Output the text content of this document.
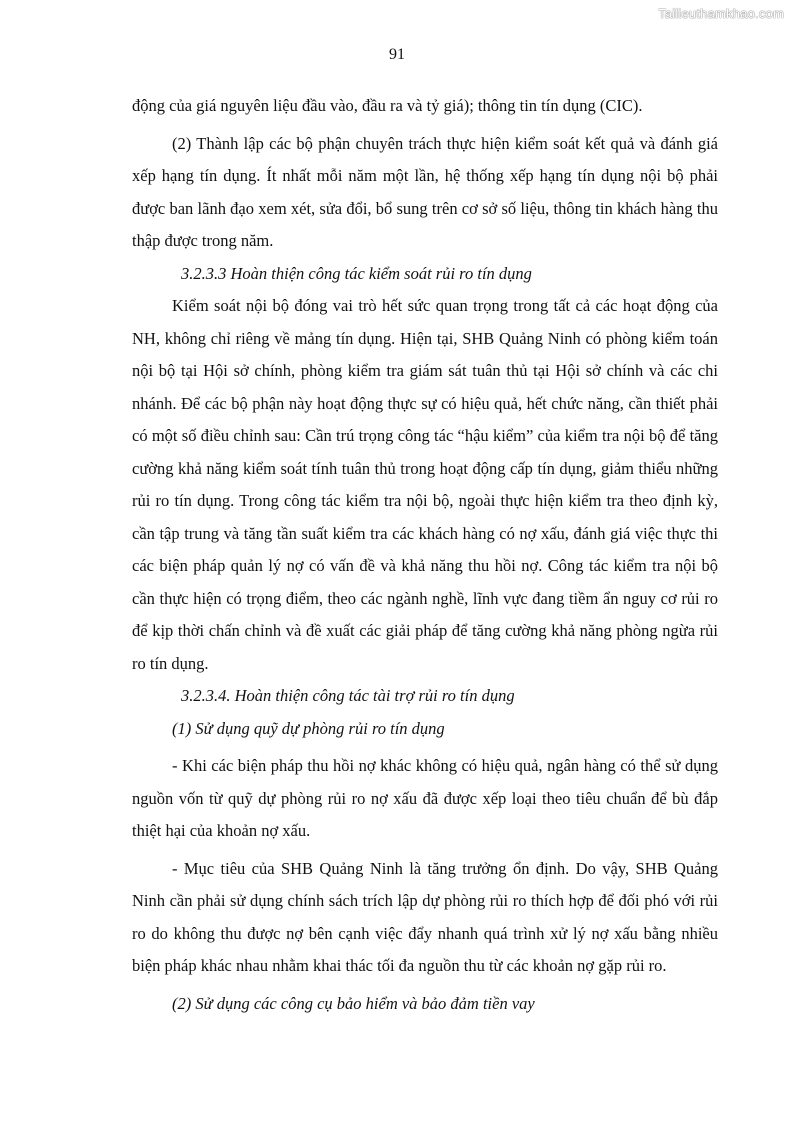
Tailieuthamkhao.com
91

động của giá nguyên liệu đầu vào, đầu ra và tỷ giá); thông tin tín dụng (CIC).

(2) Thành lập các bộ phận chuyên trách thực hiện kiểm soát kết quả và đánh giá xếp hạng tín dụng. Ít nhất mỗi năm một lần, hệ thống xếp hạng tín dụng nội bộ phải được ban lãnh đạo xem xét, sửa đổi, bổ sung trên cơ sở số liệu, thông tin khách hàng thu thập được trong năm.

3.2.3.3 Hoàn thiện công tác kiểm soát rủi ro tín dụng

Kiểm soát nội bộ đóng vai trò hết sức quan trọng trong tất cả các hoạt động của NH, không chỉ riêng về mảng tín dụng. Hiện tại, SHB Quảng Ninh có phòng kiểm toán nội bộ tại Hội sở chính, phòng kiểm tra giám sát tuân thủ tại Hội sở chính và các chi nhánh. Để các bộ phận này hoạt động thực sự có hiệu quả, hết chức năng, cần thiết phải có một số điều chỉnh sau: Cần trú trọng công tác “hậu kiểm” của kiểm tra nội bộ để tăng cường khả năng kiểm soát tính tuân thủ trong hoạt động cấp tín dụng, giảm thiểu những rủi ro tín dụng. Trong công tác kiểm tra nội bộ, ngoài thực hiện kiểm tra theo định kỳ, cần tập trung và tăng tần suất kiểm tra các khách hàng có nợ xấu, đánh giá việc thực thi các biện pháp quản lý nợ có vấn đề và khả năng thu hồi nợ. Công tác kiểm tra nội bộ cần thực hiện có trọng điểm, theo các ngành nghề, lĩnh vực đang tiềm ẩn nguy cơ rủi ro để kịp thời chấn chỉnh và đề xuất các giải pháp để tăng cường khả năng phòng ngừa rủi ro tín dụng.

3.2.3.4. Hoàn thiện công tác tài trợ rủi ro tín dụng

(1) Sử dụng quỹ dự phòng rủi ro tín dụng

- Khi các biện pháp thu hồi nợ khác không có hiệu quả, ngân hàng có thể sử dụng nguồn vốn từ quỹ dự phòng rủi ro nợ xấu đã được xếp loại theo tiêu chuẩn để bù đắp thiệt hại của khoản nợ xấu.

- Mục tiêu của SHB Quảng Ninh là tăng trưởng ổn định. Do vậy, SHB Quảng Ninh cần phải sử dụng chính sách trích lập dự phòng rủi ro thích hợp để đối phó với rủi ro do không thu được nợ bên cạnh việc đẩy nhanh quá trình xử lý nợ xấu bằng nhiều biện pháp khác nhau nhằm khai thác tối đa nguồn thu từ các khoản nợ gặp rủi ro.

(2) Sử dụng các công cụ bảo hiểm và bảo đảm tiền vay
